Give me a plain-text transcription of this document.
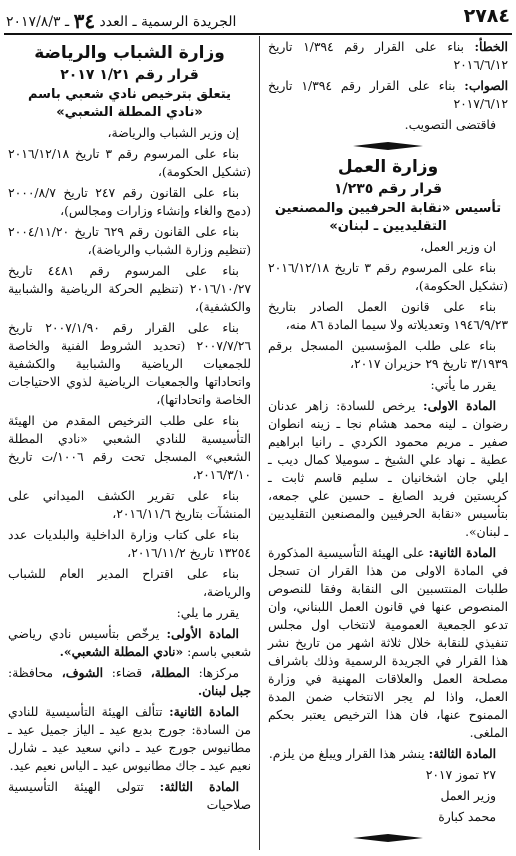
٢٧٨٤
الجريدة الرسمية ـ العدد ٣٤ ـ ٢٠١٧/٨/٣

الخطأ: بناء على القرار رقم ١/٣٩٤ تاريخ ٢٠١٦/٦/١٢

الصواب: بناء على القرار رقم ١/٣٩٤ تاريخ ٢٠١٧/٦/١٢

فاقتضى التصويب.

وزارة العمل
قرار رقم ١/٢٣٥
تأسيس «نقابة الحرفيين والمصنعين التقليديين ـ لبنان»

ان وزير العمل،

بناء على المرسوم رقم ٣ تاريخ ٢٠١٦/١٢/١٨ (تشكيل الحكومة)،

بناء على قانون العمل الصادر بتاريخ ١٩٤٦/٩/٢٣ وتعديلاته ولا سيما المادة ٨٦ منه،

بناء على طلب المؤسسين المسجل برقم ٣/١٩٣٩ تاريخ ٢٩ حزيران ٢٠١٧،

يقرر ما يأتي:

المادة الاولى: يرخص للسادة: زاهر عدنان رضوان ـ لينه محمد هشام نجا ـ زينه انطوان صفير ـ مريم محمود الكردي ـ رانيا ابراهيم عطية ـ نهاد علي الشيخ ـ سوميلا كمال ديب ـ ايلي جان اشخانيان ـ سليم قاسم ثابت ـ كريستين فريد الصايغ ـ حسين علي جمعه، بتأسيس «نقابة الحرفيين والمصنعين التقليديين ـ لبنان».

المادة الثانية: على الهيئة التأسيسية المذكورة في المادة الاولى من هذا القرار ان تسجل طلبات المنتسبين الى النقابة وفقا للنصوص المنصوص عنها في قانون العمل اللبناني، وان تدعو الجمعية العمومية لانتخاب اول مجلس تنفيذي للنقابة خلال ثلاثة اشهر من تاريخ نشر هذا القرار في الجريدة الرسمية وذلك باشراف مصلحة العمل والعلاقات المهنية في وزارة العمل، واذا لم يجر الانتخاب ضمن المدة الممنوح عنها، فان هذا الترخيص يعتبر بحكم الملغى.

المادة الثالثة: ينشر هذا القرار ويبلغ من يلزم.

٢٧ تموز ٢٠١٧

وزير العمل

محمد كبارة

وزارة الشباب والرياضة
قرار رقم ١/٢١ ٢٠١٧
يتعلق بترخيص نادي شعبي باسم «نادي المطلة الشعبي»

إن وزير الشباب والرياضة،

بناء على المرسوم رقم ٣ تاريخ ٢٠١٦/١٢/١٨ (تشكيل الحكومة)،

بناء على القانون رقم ٢٤٧ تاريخ ٢٠٠٠/٨/٧ (دمج والغاء وإنشاء وزارات ومجالس)،

بناء على القانون رقم ٦٢٩ تاريخ ٢٠٠٤/١١/٢٠ (تنظيم وزارة الشباب والرياضة)،

بناء على المرسوم رقم ٤٤٨١ تاريخ ٢٠١٦/١٠/٢٧ (تنظيم الحركة الرياضية والشبابية والكشفية)،

بناء على القرار رقم ٢٠٠٧/١/٩٠ تاريخ ٢٠٠٧/٧/٢٦ (تحديد الشروط الفنية والخاصة للجمعيات الرياضية والشبابية والكشفية واتحاداتها والجمعيات الرياضية لذوي الاحتياجات الخاصة واتحاداتها)،

بناء على طلب الترخيص المقدم من الهيئة التأسيسية للنادي الشعبي «نادي المطلة الشعبي» المسجل تحت رقم ١٠٠٦/ت تاريخ ٢٠١٦/٣/١٠،

بناء على تقرير الكشف الميداني على المنشآت بتاريخ ٢٠١٦/١١/٦،

بناء على كتاب وزارة الداخلية والبلديات عدد ١٣٢٥٤ تاريخ ٢٠١٦/١١/٢،

بناء على اقتراح المدير العام للشباب والرياضة،

يقرر ما يلي:

المادة الأولى: يرخّص بتأسيس نادي رياضي شعبي باسم: «نادي المطلة الشعبي».

مركزها: المطلة، قضاء: الشوف، محافظة: جبل لبنان.

المادة الثانية: تتألف الهيئة التأسيسية للنادي من السادة: جورج بديع عيد ـ الياز جميل عيد ـ مطانيوس جورج عيد ـ داني سعيد عيد ـ شارل نعيم عيد ـ جاك مطانيوس عيد ـ الياس نعيم عيد.

المادة الثالثة: تتولى الهيئة التأسيسية صلاحيات
